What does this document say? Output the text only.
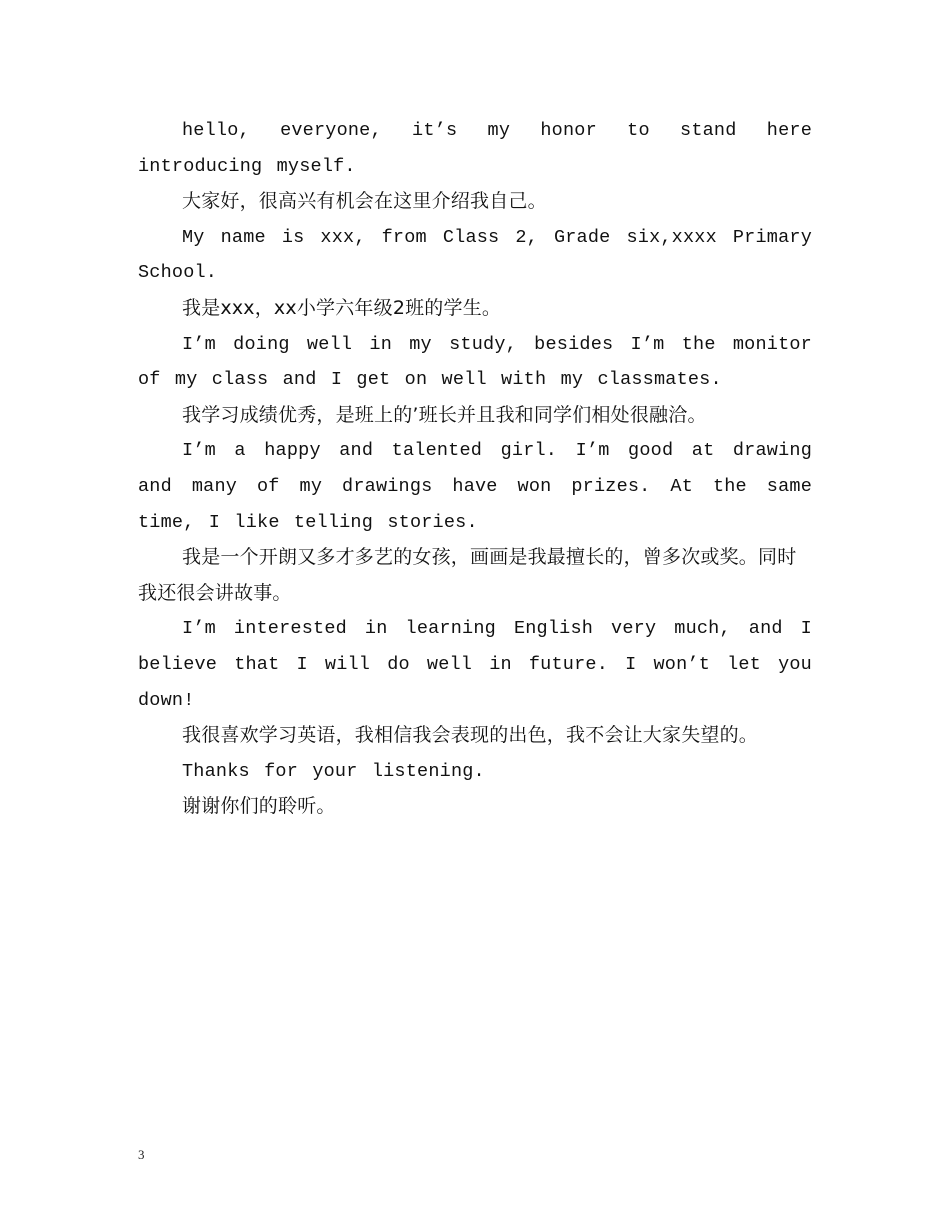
hello, everyone, it’s my honor to stand here introducing myself.

大家好，很高兴有机会在这里介绍我自己。

My name is xxx, from Class 2, Grade six,xxxx Primary School.

我是xxx，xx小学六年级2班的学生。

I’m doing well in my study, besides I’m the monitor of my class and I get on well with my classmates.

我学习成绩优秀，是班上的’班长并且我和同学们相处很融洽。

I’m a happy and talented girl. I’m good at drawing and many of my drawings have won prizes. At the same time, I like telling stories.

我是一个开朗又多才多艺的女孩，画画是我最擅长的，曾多次或奖。同时我还很会讲故事。

I’m interested in learning English very much, and I believe that I will do well in future. I won’t let you down!

我很喜欢学习英语，我相信我会表现的出色，我不会让大家失望的。

Thanks for your listening.

谢谢你们的聆听。

3
